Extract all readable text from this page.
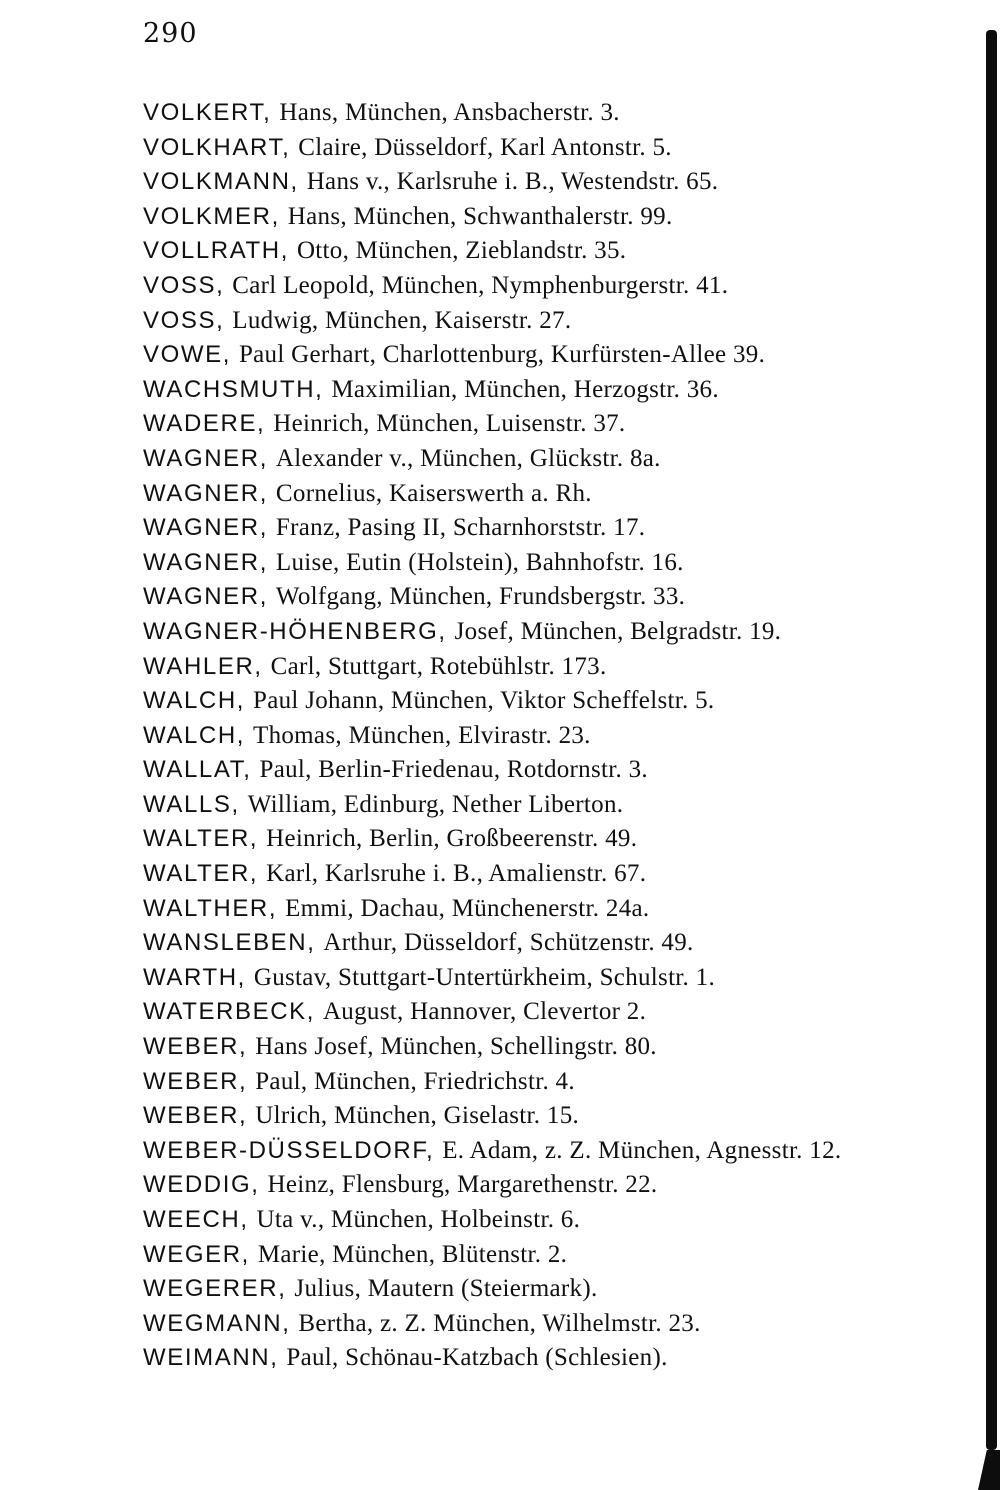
290
VOLKERT, Hans, München, Ansbacherstr. 3.
VOLKHART, Claire, Düsseldorf, Karl Antonstr. 5.
VOLKMANN, Hans v., Karlsruhe i. B., Westendstr. 65.
VOLKMER, Hans, München, Schwanthalerstr. 99.
VOLLRATH, Otto, München, Zieblandstr. 35.
VOSS, Carl Leopold, München, Nymphenburgerstr. 41.
VOSS, Ludwig, München, Kaiserstr. 27.
VOWE, Paul Gerhart, Charlottenburg, Kurfürsten-Allee 39.
WACHSMUTH, Maximilian, München, Herzogstr. 36.
WADERE, Heinrich, München, Luisenstr. 37.
WAGNER, Alexander v., München, Glückstr. 8a.
WAGNER, Cornelius, Kaiserswerth a. Rh.
WAGNER, Franz, Pasing II, Scharnhorststr. 17.
WAGNER, Luise, Eutin (Holstein), Bahnhofstr. 16.
WAGNER, Wolfgang, München, Frundsbergstr. 33.
WAGNER-HÖHENBERG, Josef, München, Belgradstr. 19.
WAHLER, Carl, Stuttgart, Rotebühlstr. 173.
WALCH, Paul Johann, München, Viktor Scheffelstr. 5.
WALCH, Thomas, München, Elvirastr. 23.
WALLAT, Paul, Berlin-Friedenau, Rotdornstr. 3.
WALLS, William, Edinburg, Nether Liberton.
WALTER, Heinrich, Berlin, Großbeerenstr. 49.
WALTER, Karl, Karlsruhe i. B., Amalienstr. 67.
WALTHER, Emmi, Dachau, Münchenerstr. 24a.
WANSLEBEN, Arthur, Düsseldorf, Schützenstr. 49.
WARTH, Gustav, Stuttgart-Untertürkheim, Schulstr. 1.
WATERBECK, August, Hannover, Clevertor 2.
WEBER, Hans Josef, München, Schellingstr. 80.
WEBER, Paul, München, Friedrichstr. 4.
WEBER, Ulrich, München, Giselastr. 15.
WEBER-DÜSSELDORF, E. Adam, z. Z. München, Agnesstr. 12.
WEDDIG, Heinz, Flensburg, Margarethenstr. 22.
WEECH, Uta v., München, Holbeinstr. 6.
WEGER, Marie, München, Blütenstr. 2.
WEGERER, Julius, Mautern (Steiermark).
WEGMANN, Bertha, z. Z. München, Wilhelmstr. 23.
WEIMANN, Paul, Schönau-Katzbach (Schlesien).
